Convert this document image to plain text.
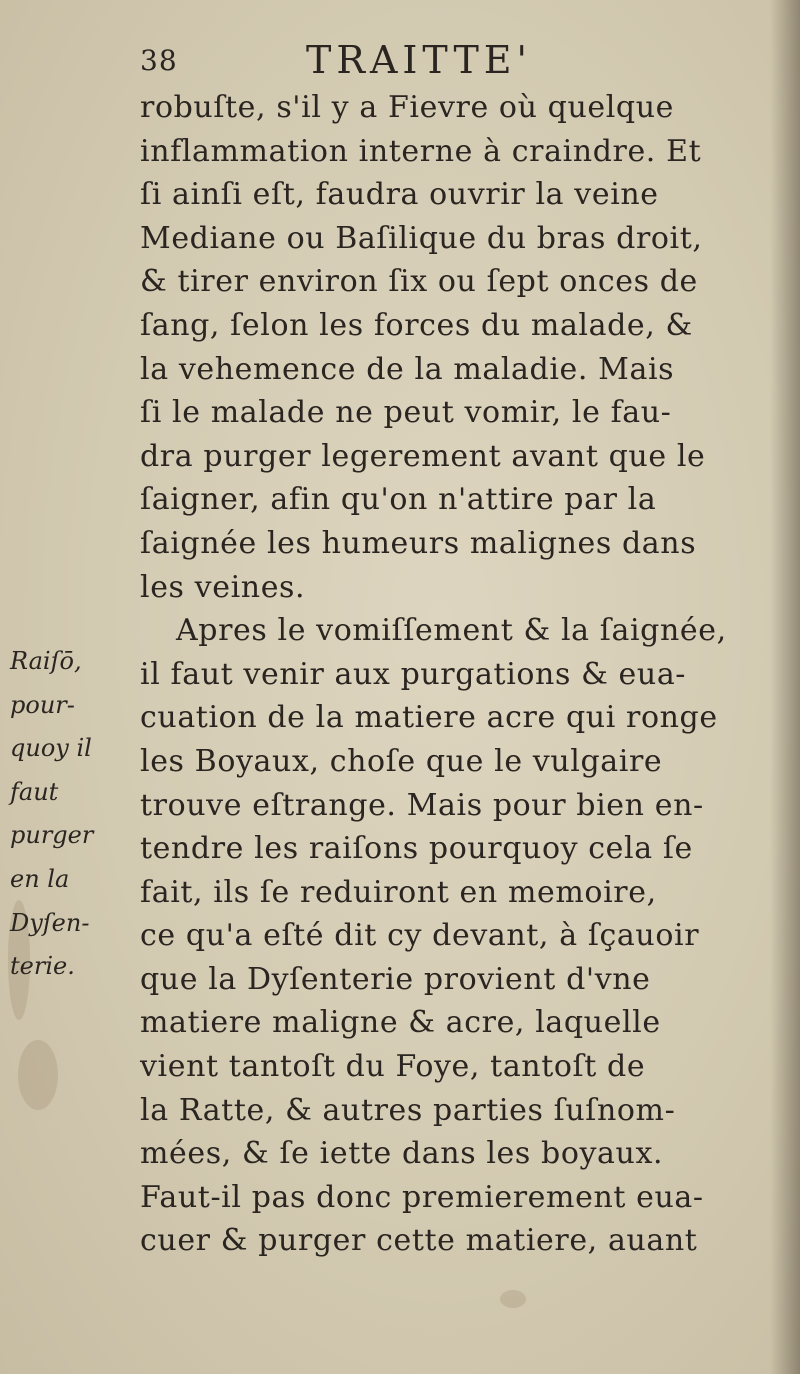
38	TRAITTE'
Raiſō,
pour-
quoy il
faut
purger
en la
Dyſen-
terie.
robuſte, s'il y a Fievre où quelque
inflammation interne à craindre. Et
ſi ainſi eſt, faudra ouvrir la veine
Mediane ou Baſilique du bras droit,
& tirer environ ſix ou ſept onces de
ſang, ſelon les forces du malade, &
la vehemence de la maladie. Mais
ſi le malade ne peut vomir, le fau-
dra purger legerement avant que le
ſaigner, afin qu'on n'attire par la
ſaignée les humeurs malignes dans
les veines.
Apres le vomiſſement & la ſaignée,
il faut venir aux purgations & eua-
cuation de la matiere acre qui ronge
les Boyaux, choſe que le vulgaire
trouve eſtrange. Mais pour bien en-
tendre les raiſons pourquoy cela ſe
fait, ils ſe reduiront en memoire,
ce qu'a eſté dit cy devant, à ſçauoir
que la Dyſenterie provient d'vne
matiere maligne & acre, laquelle
vient tantoſt du Foye, tantoſt de
la Ratte, & autres parties ſuſnom-
mées, & ſe iette dans les boyaux.
Faut-il pas donc premierement eua-
cuer & purger cette matiere, auant
